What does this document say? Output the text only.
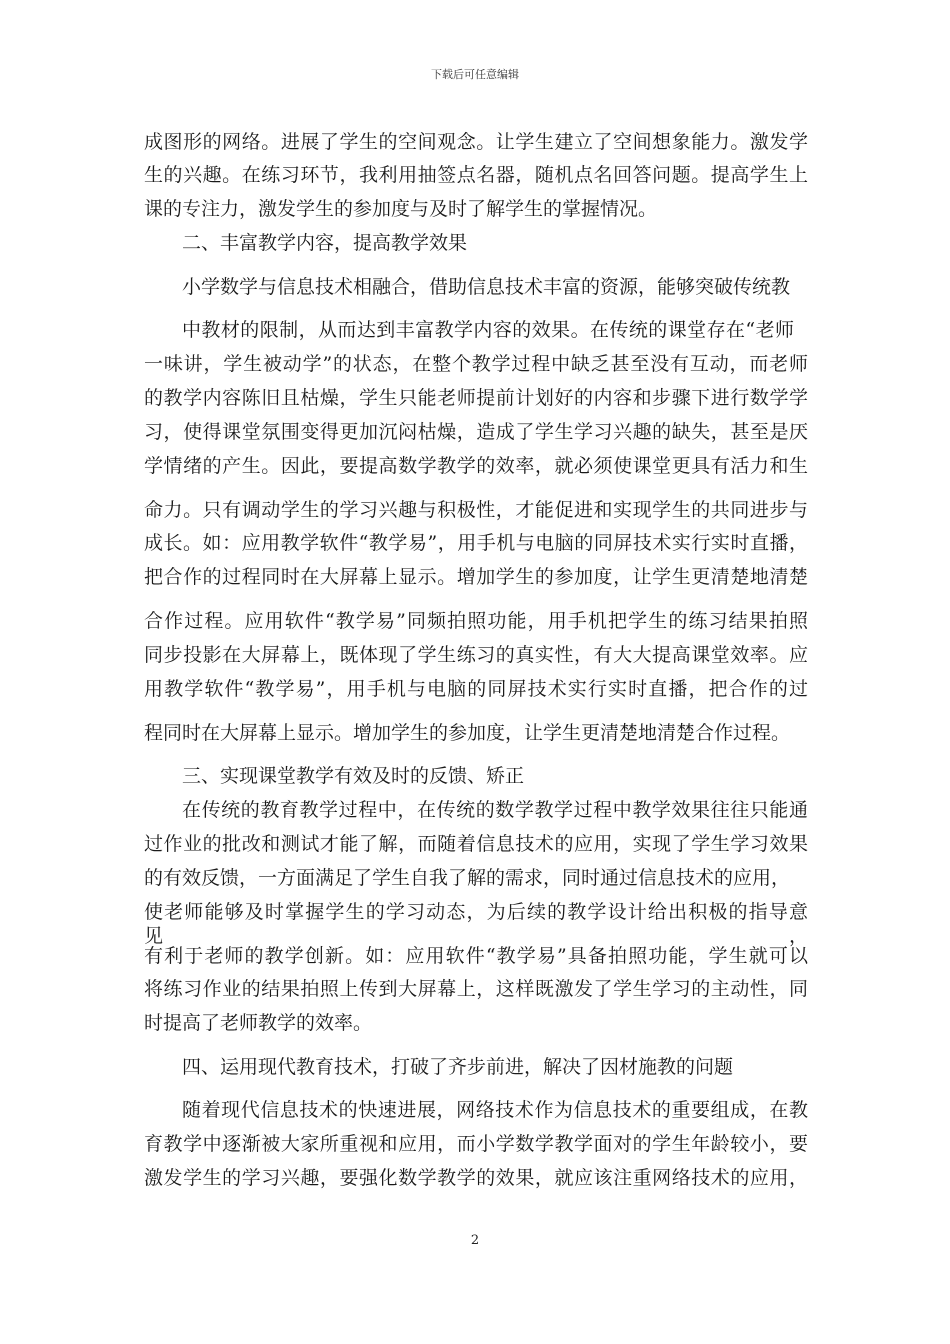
下载后可任意编辑
成图形的网络。进展了学生的空间观念。让学生建立了空间想象能力。激发学
生的兴趣。在练习环节，我利用抽签点名器，随机点名回答问题。提高学生上
课的专注力，激发学生的参加度与及时了解学生的掌握情况。
二、丰富教学内容，提高教学效果
小学数学与信息技术相融合，借助信息技术丰富的资源，能够突破传统教
中教材的限制，从而达到丰富教学内容的效果。在传统的课堂存在“老师
一味讲，学生被动学”的状态，在整个教学过程中缺乏甚至没有互动，而老师
的教学内容陈旧且枯燥，学生只能老师提前计划好的内容和步骤下进行数学学
习，使得课堂氛围变得更加沉闷枯燥，造成了学生学习兴趣的缺失，甚至是厌
学情绪的产生。因此，要提高数学教学的效率，就必须使课堂更具有活力和生
命力。只有调动学生的学习兴趣与积极性，才能促进和实现学生的共同进步与
成长。如：应用教学软件“教学易”，用手机与电脑的同屏技术实行实时直播，
把合作的过程同时在大屏幕上显示。增加学生的参加度，让学生更清楚地清楚
合作过程。应用软件“教学易”同频拍照功能，用手机把学生的练习结果拍照
同步投影在大屏幕上，既体现了学生练习的真实性，有大大提高课堂效率。应
用教学软件“教学易”，用手机与电脑的同屏技术实行实时直播，把合作的过
程同时在大屏幕上显示。增加学生的参加度，让学生更清楚地清楚合作过程。
三、实现课堂教学有效及时的反馈、矫正
在传统的教育教学过程中，在传统的数学教学过程中教学效果往往只能通
过作业的批改和测试才能了解，而随着信息技术的应用，实现了学生学习效果
的有效反馈，一方面满足了学生自我了解的需求，同时通过信息技术的应用，
使老师能够及时掌握学生的学习动态，为后续的教学设计给出积极的指导意见，
有利于老师的教学创新。如：应用软件“教学易”具备拍照功能，学生就可以
将练习作业的结果拍照上传到大屏幕上，这样既激发了学生学习的主动性，同
时提高了老师教学的效率。
四、运用现代教育技术，打破了齐步前进，解决了因材施教的问题
随着现代信息技术的快速进展，网络技术作为信息技术的重要组成，在教
育教学中逐渐被大家所重视和应用，而小学数学教学面对的学生年龄较小，要
激发学生的学习兴趣，要强化数学教学的效果，就应该注重网络技术的应用，
2
